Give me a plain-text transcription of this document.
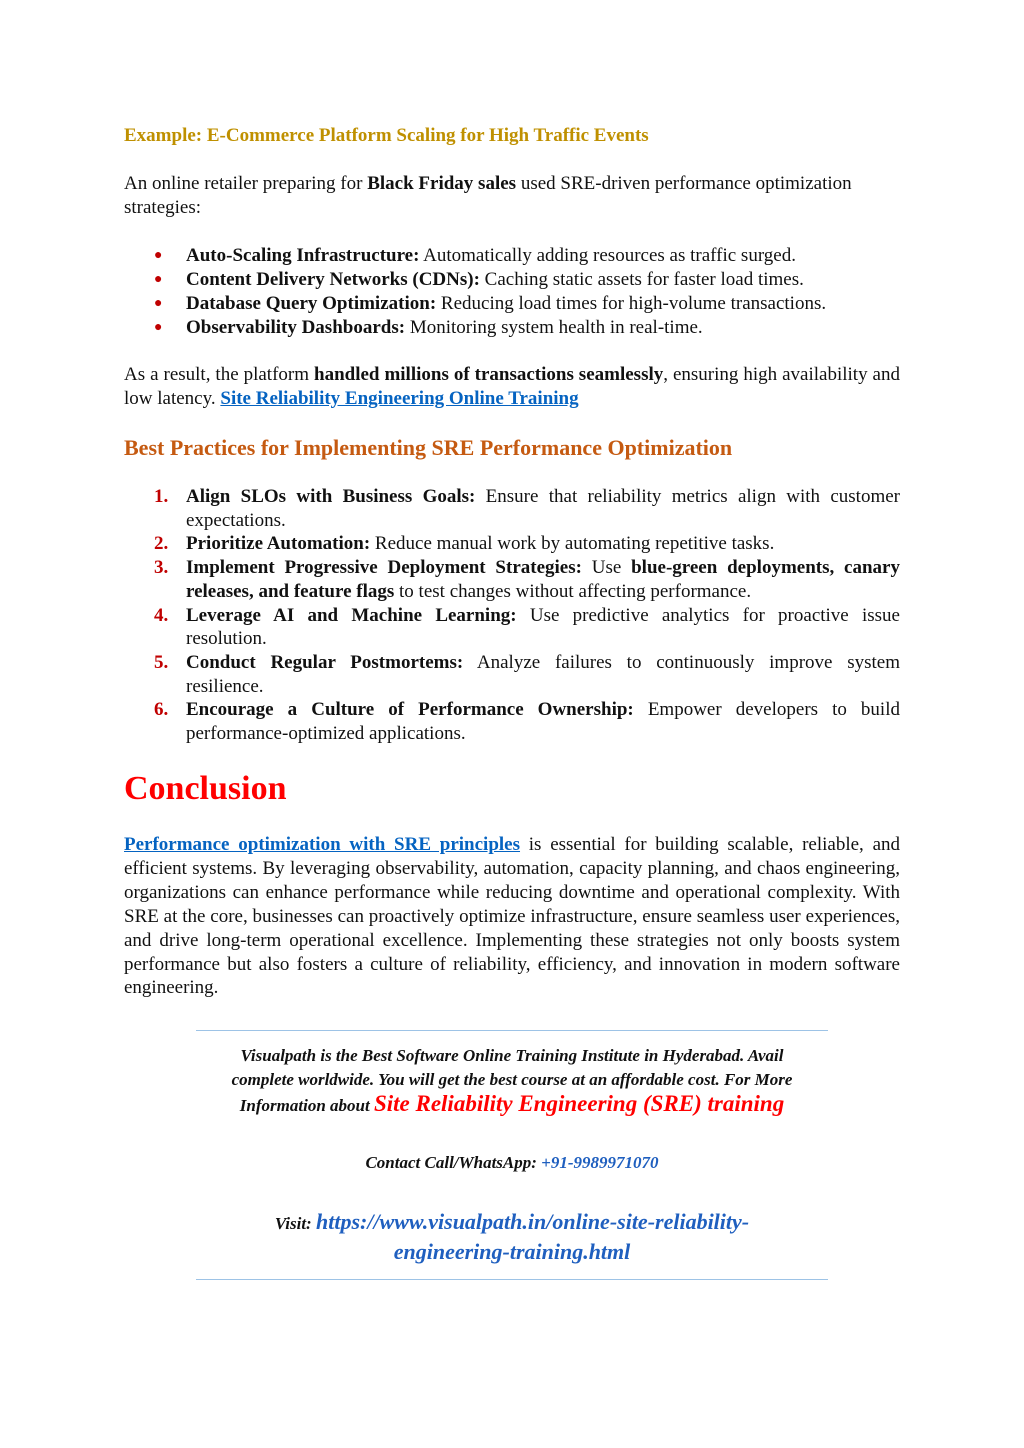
Example: E-Commerce Platform Scaling for High Traffic Events
An online retailer preparing for Black Friday sales used SRE-driven performance optimization strategies:
● Auto-Scaling Infrastructure: Automatically adding resources as traffic surged.
● Content Delivery Networks (CDNs): Caching static assets for faster load times.
● Database Query Optimization: Reducing load times for high-volume transactions.
● Observability Dashboards: Monitoring system health in real-time.
As a result, the platform handled millions of transactions seamlessly, ensuring high availability and low latency. Site Reliability Engineering Online Training
Best Practices for Implementing SRE Performance Optimization
1. Align SLOs with Business Goals: Ensure that reliability metrics align with customer expectations.
2. Prioritize Automation: Reduce manual work by automating repetitive tasks.
3. Implement Progressive Deployment Strategies: Use blue-green deployments, canary releases, and feature flags to test changes without affecting performance.
4. Leverage AI and Machine Learning: Use predictive analytics for proactive issue resolution.
5. Conduct Regular Postmortems: Analyze failures to continuously improve system resilience.
6. Encourage a Culture of Performance Ownership: Empower developers to build performance-optimized applications.
Conclusion
Performance optimization with SRE principles is essential for building scalable, reliable, and efficient systems. By leveraging observability, automation, capacity planning, and chaos engineering, organizations can enhance performance while reducing downtime and operational complexity. With SRE at the core, businesses can proactively optimize infrastructure, ensure seamless user experiences, and drive long-term operational excellence. Implementing these strategies not only boosts system performance but also fosters a culture of reliability, efficiency, and innovation in modern software engineering.
Visualpath is the Best Software Online Training Institute in Hyderabad. Avail
complete worldwide. You will get the best course at an affordable cost. For More
Information about Site Reliability Engineering (SRE) training
Contact Call/WhatsApp: +91-9989971070
Visit: https://www.visualpath.in/online-site-reliability-
engineering-training.html
